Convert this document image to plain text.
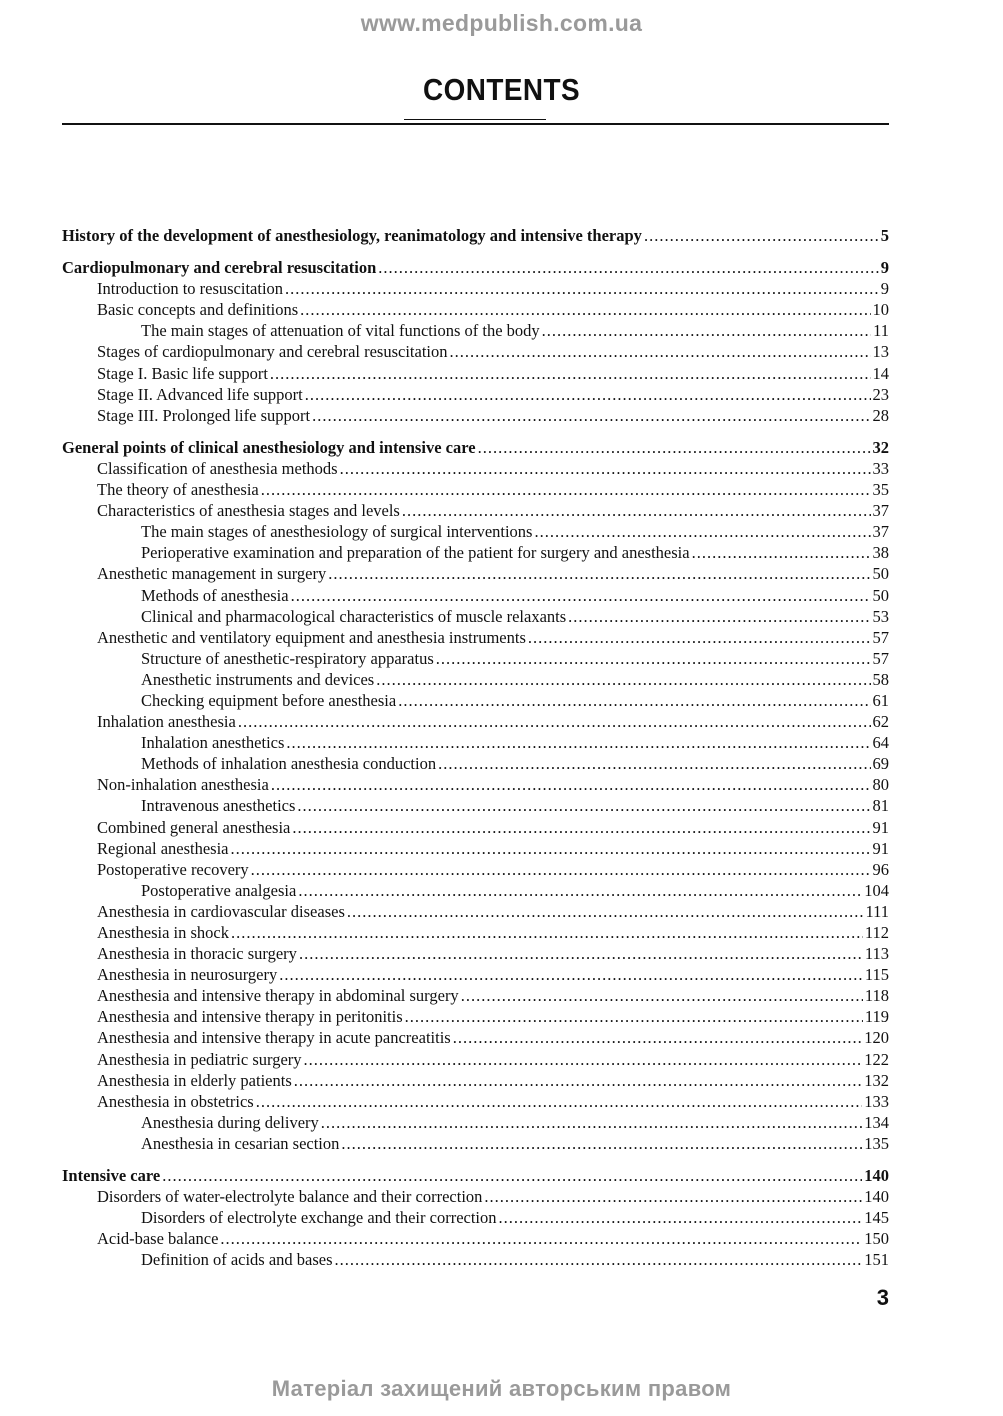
www.medpublish.com.ua
CONTENTS
History of the development of anesthesiology, reanimatology and intensive therapy .....	5
Cardiopulmonary and cerebral resuscitation .....	9
Introduction to resuscitation .....	9
Basic concepts and definitions .....	10
The main stages of attenuation of vital functions of the body .....	11
Stages of cardiopulmonary and cerebral resuscitation .....	13
Stage I. Basic life support .....	14
Stage II. Advanced life support .....	23
Stage III. Prolonged life support .....	28
General points of clinical anesthesiology and intensive care .....	32
Classification of anesthesia methods .....	33
The theory of anesthesia .....	35
Characteristics of anesthesia stages and levels .....	37
The main stages of anesthesiology of surgical interventions .....	37
Perioperative examination and preparation of the patient for surgery and anesthesia .....	38
Anesthetic management in surgery .....	50
Methods of anesthesia .....	50
Clinical and pharmacological characteristics of muscle relaxants .....	53
Anesthetic and ventilatory equipment and anesthesia instruments .....	57
Structure of anesthetic-respiratory apparatus .....	57
Anesthetic instruments and devices .....	58
Checking equipment before anesthesia .....	61
Inhalation anesthesia .....	62
Inhalation anesthetics .....	64
Methods of inhalation anesthesia conduction .....	69
Non-inhalation anesthesia .....	80
Intravenous anesthetics .....	81
Combined general anesthesia .....	91
Regional anesthesia .....	91
Postoperative recovery .....	96
Postoperative analgesia .....	104
Anesthesia in cardiovascular diseases .....	111
Anesthesia in shock .....	112
Anesthesia in thoracic surgery .....	113
Anesthesia in neurosurgery .....	115
Anesthesia and intensive therapy in abdominal surgery .....	118
Anesthesia and intensive therapy in peritonitis .....	119
Anesthesia and intensive therapy in acute pancreatitis .....	120
Anesthesia in pediatric surgery .....	122
Anesthesia in elderly patients .....	132
Anesthesia in obstetrics .....	133
Anesthesia during delivery .....	134
Anesthesia in cesarian section .....	135
Intensive care .....	140
Disorders of water-electrolyte balance and their correction .....	140
Disorders of electrolyte exchange and their correction .....	145
Acid-base balance .....	150
Definition of acids and bases .....	151
3
Матеріал захищений авторським правом
